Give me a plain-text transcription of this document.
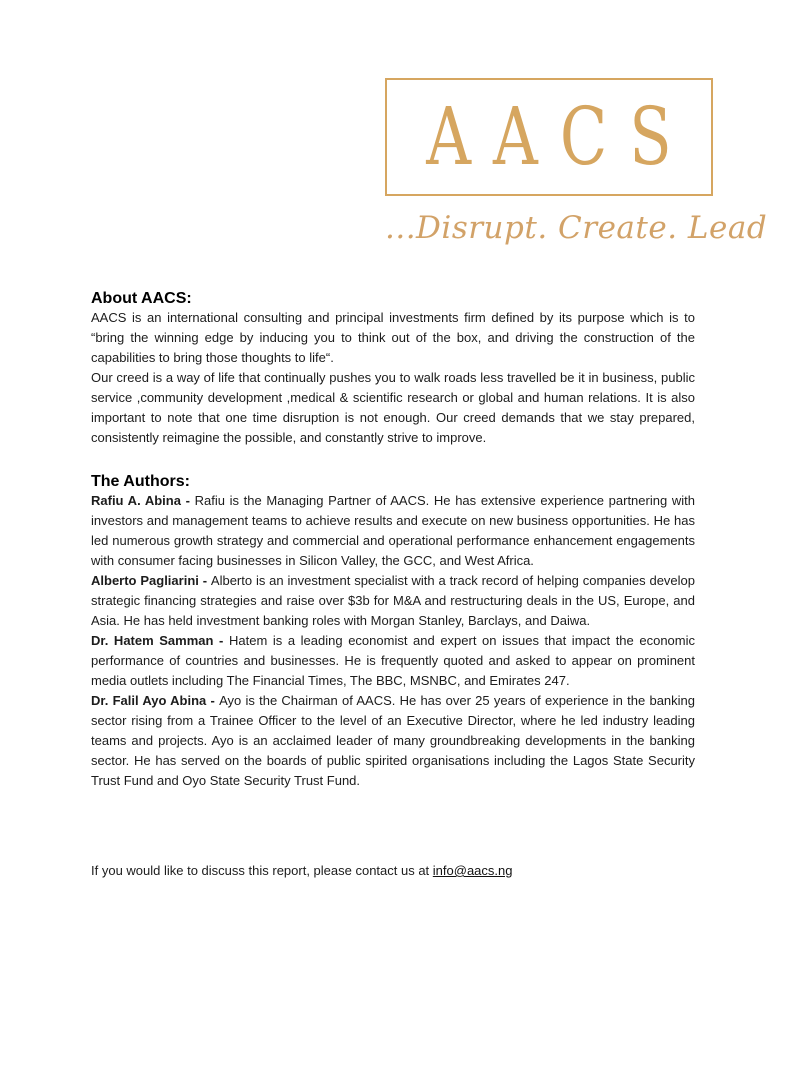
AACS
...Disrupt. Create. Lead
About AACS:

AACS is an international consulting and principal investments firm defined by its purpose which is to “bring the winning edge by inducing you to think out of the box, and driving the construction of the capabilities to bring those thoughts to life“.

Our creed is a way of life that continually pushes you to walk roads less travelled be it in business, public service ,community development ,medical & scientific research or global and human relations. It is also important to note that one time disruption is not enough. Our creed demands that we stay prepared, consistently reimagine the possible, and constantly strive to improve.

The Authors:

Rafiu A. Abina - Rafiu is the Managing Partner of AACS. He has extensive experience partnering with investors and management teams to achieve results and execute on new business opportunities. He has led numerous growth strategy and commercial and operational performance enhancement engagements with consumer facing businesses in Silicon Valley, the GCC, and West Africa.

Alberto Pagliarini - Alberto is an investment specialist with a track record of helping companies develop strategic financing strategies and raise over $3b for M&A and restructuring deals in the US, Europe, and Asia. He has held investment banking roles with Morgan Stanley, Barclays, and Daiwa.

Dr. Hatem Samman - Hatem is a leading economist and expert on issues that impact the economic performance of countries and businesses. He is frequently quoted and asked to appear on prominent media outlets including The Financial Times, The BBC, MSNBC, and Emirates 247.

Dr. Falil Ayo Abina - Ayo is the Chairman of AACS. He has over 25 years of experience in the banking sector rising from a Trainee Officer to the level of an Executive Director, where he led industry leading teams and projects. Ayo is an acclaimed leader of many groundbreaking developments in the banking sector. He has served on the boards of public spirited organisations including the Lagos State Security Trust Fund and Oyo State Security Trust Fund.

If you would like to discuss this report, please contact us at info@aacs.ng
